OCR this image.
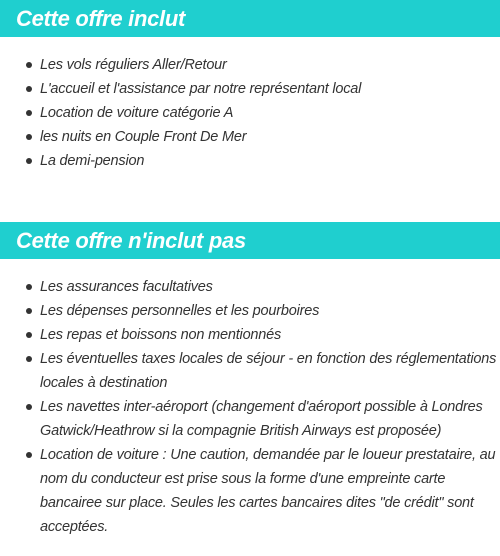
Cette offre inclut
Les vols réguliers Aller/Retour
L'accueil et l'assistance par notre représentant local
Location de voiture catégorie A
les nuits en Couple Front De Mer
La demi-pension
Cette offre n'inclut pas
Les assurances facultatives
Les dépenses personnelles et les pourboires
Les repas et boissons non mentionnés
Les éventuelles taxes locales de séjour - en fonction des réglementations locales à destination
Les navettes inter-aéroport (changement d'aéroport possible à Londres Gatwick/Heathrow si la compagnie British Airways est proposée)
Location de voiture : Une caution, demandée par le loueur prestataire, au nom du conducteur est prise sous la forme d'une empreinte carte bancairee sur place. Seules les cartes bancaires dites "de crédit" sont acceptées.
